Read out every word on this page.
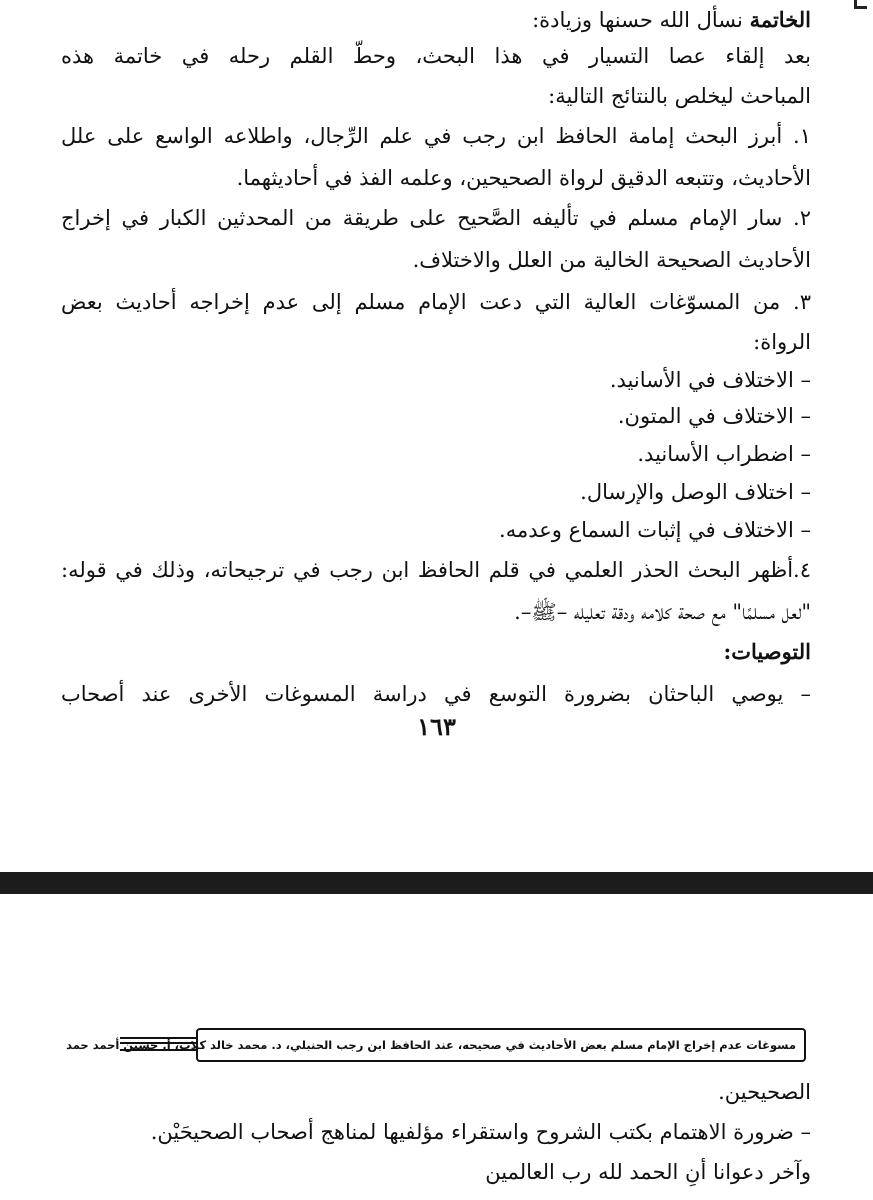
الخاتمة نسأل الله حسنها وزيادة:
بعد إلقاء عصا التسيار في هذا البحث، وحطّ القلم رحله في خاتمة هذه
المباحث ليخلص بالنتائج التالية:
١. أبرز البحث إمامة الحافظ ابن رجب في علم الرِّجال، واطلاعه الواسع على علل
الأحاديث، وتتبعه الدقيق لرواة الصحيحين، وعلمه الفذ في أحاديثهما.
٢. سار الإمام مسلم في تأليفه الصَّحيح على طريقة من المحدثين الكبار في إخراج
الأحاديث الصحيحة الخالية من العلل والاختلاف.
٣. من المسوّغات العالية التي دعت الإمام مسلم إلى عدم إخراجه أحاديث بعض
الرواة:
– الاختلاف في الأسانيد.
– الاختلاف في المتون.
– اضطراب الأسانيد.
– اختلاف الوصل والإرسال.
– الاختلاف في إثبات السماع وعدمه.
٤.أظهر البحث الحذر العلمي في قلم الحافظ ابن رجب في ترجيحاته، وذلك في قوله:
"لعل مسلمًا" مع صحة كلامه ودقة تعليله –ﷺ–.
التوصيات:
– يوصي الباحثان بضرورة التوسع في دراسة المسوغات الأخرى عند أصحاب
١٦٣
مسوغات عدم إخراج الإمام مسلم بعض الأحاديث في صحيحه، عند الحافظ ابن رجب الحنبلي، د. محمد خالد كلاب، أ. حسين أحمد حمد
الصحيحين.
– ضرورة الاهتمام بكتب الشروح واستقراء مؤلفيها لمناهج أصحاب الصحيحَيْن.
وآخر دعوانا أنِ الحمد لله رب العالمين
